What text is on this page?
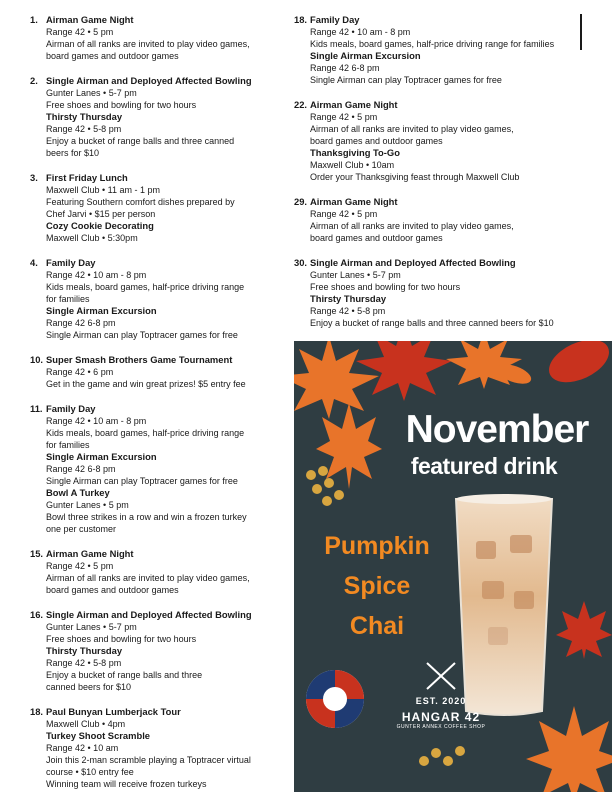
1. Airman Game Night
Range 42 • 5 pm
Airman of all ranks are invited to play video games,
board games and outdoor games
2. Single Airman and Deployed Affected Bowling
Gunter Lanes • 5-7 pm
Free shoes and bowling for two hours
Thirsty Thursday
Range 42 • 5-8 pm
Enjoy a bucket of range balls and three canned
beers for $10
3. First Friday Lunch
Maxwell Club • 11 am - 1 pm
Featuring Southern comfort dishes prepared by
Chef Jarvi • $15 per person
Cozy Cookie Decorating
Maxwell Club • 5:30pm
4. Family Day
Range 42 • 10 am - 8 pm
Kids meals, board games, half-price driving range
for families
Single Airman Excursion
Range 42 6-8 pm
Single Airman can play Toptracer games for free
10. Super Smash Brothers Game Tournament
Range 42 • 6 pm
Get in the game and win great prizes! $5 entry fee
11. Family Day
Range 42 • 10 am - 8 pm
Kids meals, board games, half-price driving range
for families
Single Airman Excursion
Range 42 6-8 pm
Single Airman can play Toptracer games for free
Bowl A Turkey
Gunter Lanes • 5 pm
Bowl three strikes in a row and win a frozen turkey
one per customer
15. Airman Game Night
Range 42 • 5 pm
Airman of all ranks are invited to play video games,
board games and outdoor games
16. Single Airman and Deployed Affected Bowling
Gunter Lanes • 5-7 pm
Free shoes and bowling for two hours
Thirsty Thursday
Range 42 • 5-8 pm
Enjoy a bucket of range balls and three
canned beers for $10
18. Paul Bunyan Lumberjack Tour
Maxwell Club • 4pm
Turkey Shoot Scramble
Range 42 • 10 am
Join this 2-man scramble playing a Toptracer virtual
course • $10 entry fee
Winning team will receive frozen turkeys
18. Family Day
Range 42 • 10 am - 8 pm
Kids meals, board games, half-price driving range for families
Single Airman Excursion
Range 42 6-8 pm
Single Airman can play Toptracer games for free
22. Airman Game Night
Range 42 • 5 pm
Airman of all ranks are invited to play video games,
board games and outdoor games
Thanksgiving To-Go
Maxwell Club • 10am
Order your Thanksgiving feast through Maxwell Club
29. Airman Game Night
Range 42 • 5 pm
Airman of all ranks are invited to play video games,
board games and outdoor games
30. Single Airman and Deployed Affected Bowling
Gunter Lanes • 5-7 pm
Free shoes and bowling for two hours
Thirsty Thursday
Range 42 • 5-8 pm
Enjoy a bucket of range balls and three canned beers for $10
November
featured drink
Pumpkin
Spice
Chai
EST. 2020
HANGAR 42
GUNTER ANNEX COFFEE SHOP
